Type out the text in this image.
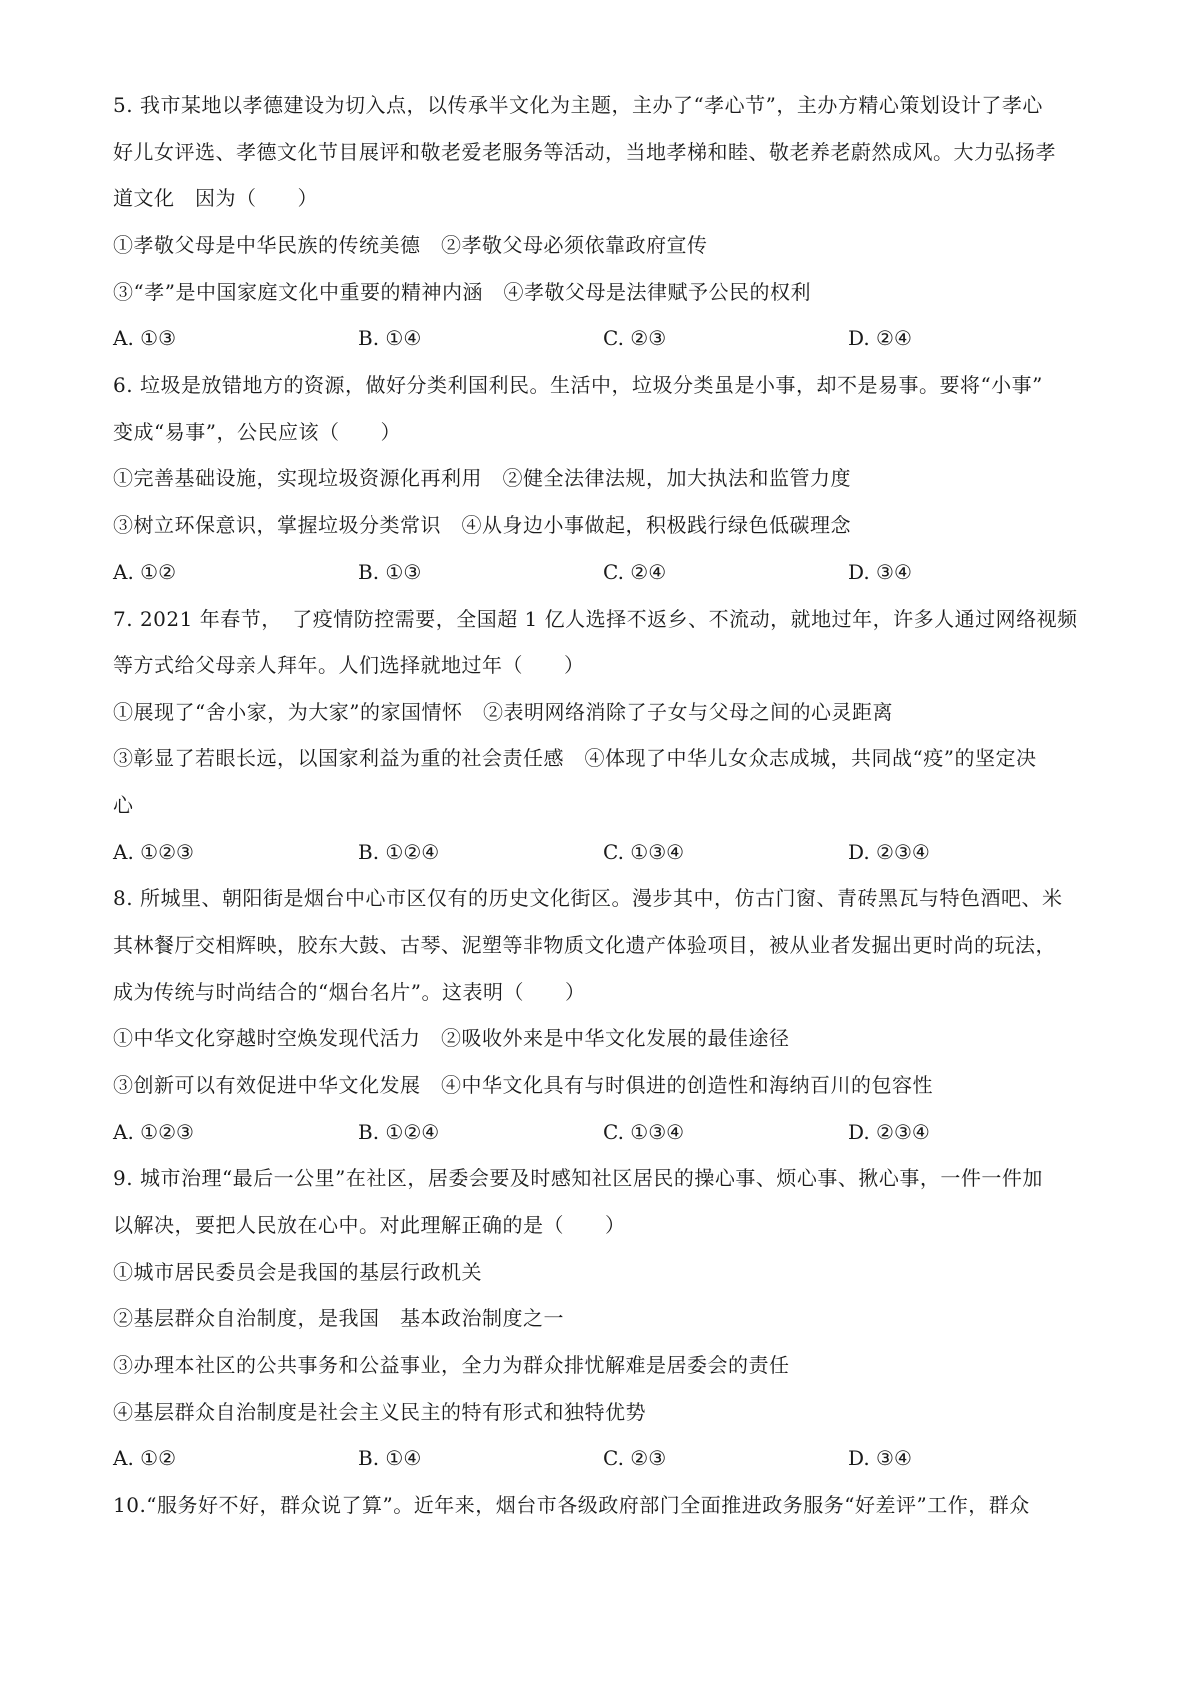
5. 我市某地以孝德建设为切入点，以传承半文化为主题，主办了“孝心节”，主办方精心策划设计了孝心
好儿女评选、孝德文化节目展评和敬老爱老服务等活动，当地孝梯和睦、敬老养老蔚然成风。大力弘扬孝
道文化　因为（　　）
①孝敬父母是中华民族的传统美德　②孝敬父母必须依靠政府宣传
③“孝”是中国家庭文化中重要的精神内涵　④孝敬父母是法律赋予公民的权利
A. ①③	B. ①④	C. ②③	D. ②④
6. 垃圾是放错地方的资源，做好分类利国利民。生活中，垃圾分类虽是小事，却不是易事。要将“小事”
变成“易事”，公民应该（　　）
①完善基础设施，实现垃圾资源化再利用　②健全法律法规，加大执法和监管力度
③树立环保意识，掌握垃圾分类常识　④从身边小事做起，积极践行绿色低碳理念
A. ①②	B. ①③	C. ②④	D. ③④
7. 2021 年春节，　了疫情防控需要，全国超 1 亿人选择不返乡、不流动，就地过年，许多人通过网络视频
等方式给父母亲人拜年。人们选择就地过年（　　）
①展现了“舍小家，为大家”的家国情怀　②表明网络消除了子女与父母之间的心灵距离
③彰显了若眼长远，以国家利益为重的社会责任感　④体现了中华儿女众志成城，共同战“疫”的坚定决
心
A. ①②③	B. ①②④	C. ①③④	D. ②③④
8. 所城里、朝阳街是烟台中心市区仅有的历史文化街区。漫步其中，仿古门窗、青砖黑瓦与特色酒吧、米
其林餐厅交相辉映，胶东大鼓、古琴、泥塑等非物质文化遗产体验项目，被从业者发掘出更时尚的玩法，
成为传统与时尚结合的“烟台名片”。这表明（　　）
①中华文化穿越时空焕发现代活力　②吸收外来是中华文化发展的最佳途径
③创新可以有效促进中华文化发展　④中华文化具有与时俱进的创造性和海纳百川的包容性
A. ①②③	B. ①②④	C. ①③④	D. ②③④
9. 城市治理“最后一公里”在社区，居委会要及时感知社区居民的操心事、烦心事、揪心事，一件一件加
以解决，要把人民放在心中。对此理解正确的是（　　）
①城市居民委员会是我国的基层行政机关
②基层群众自治制度，是我国　基本政治制度之一
③办理本社区的公共事务和公益事业，全力为群众排忧解难是居委会的责任
④基层群众自治制度是社会主义民主的特有形式和独特优势
A. ①②	B. ①④	C. ②③	D. ③④
10.“服务好不好，群众说了算”。近年来，烟台市各级政府部门全面推进政务服务“好差评”工作，群众
